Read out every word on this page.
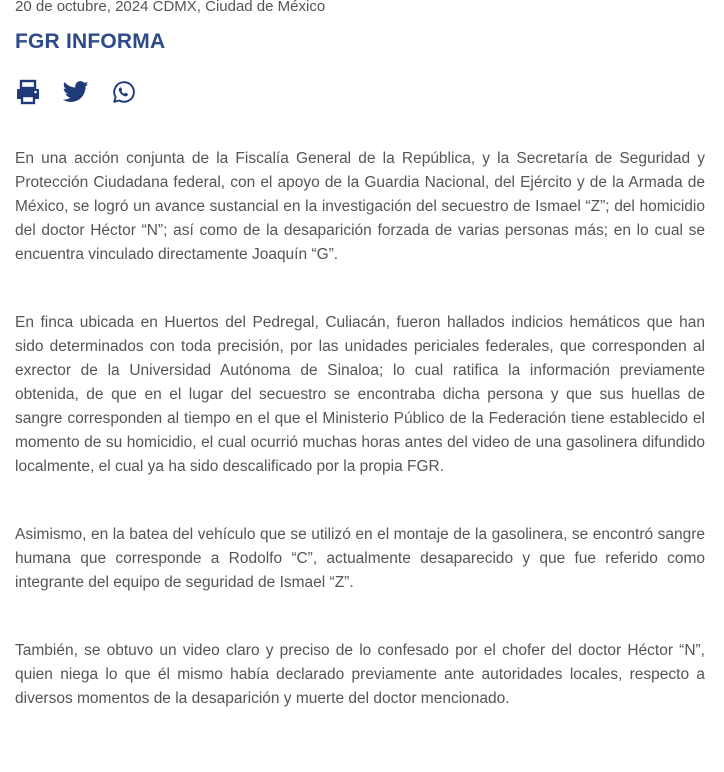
20 de octubre, 2024 CDMX, Ciudad de México

FGR INFORMA

En una acción conjunta de la Fiscalía General de la República, y la Secretaría de Seguridad y Protección Ciudadana federal, con el apoyo de la Guardia Nacional, del Ejército y de la Armada de México, se logró un avance sustancial en la investigación del secuestro de Ismael “Z”; del homicidio del doctor Héctor “N”; así como de la desaparición forzada de varias personas más; en lo cual se encuentra vinculado directamente Joaquín “G”.

En finca ubicada en Huertos del Pedregal, Culiacán, fueron hallados indicios hemáticos que han sido determinados con toda precisión, por las unidades periciales federales, que corresponden al exrector de la Universidad Autónoma de Sinaloa; lo cual ratifica la información previamente obtenida, de que en el lugar del secuestro se encontraba dicha persona y que sus huellas de sangre corresponden al tiempo en el que el Ministerio Público de la Federación tiene establecido el momento de su homicidio, el cual ocurrió muchas horas antes del video de una gasolinera difundido localmente, el cual ya ha sido descalificado por la propia FGR.

Asimismo, en la batea del vehículo que se utilizó en el montaje de la gasolinera, se encontró sangre humana que corresponde a Rodolfo “C”, actualmente desaparecido y que fue referido como integrante del equipo de seguridad de Ismael “Z”.

También, se obtuvo un video claro y preciso de lo confesado por el chofer del doctor Héctor “N”, quien niega lo que él mismo había declarado previamente ante autoridades locales, respecto a diversos momentos de la desaparición y muerte del doctor mencionado.
